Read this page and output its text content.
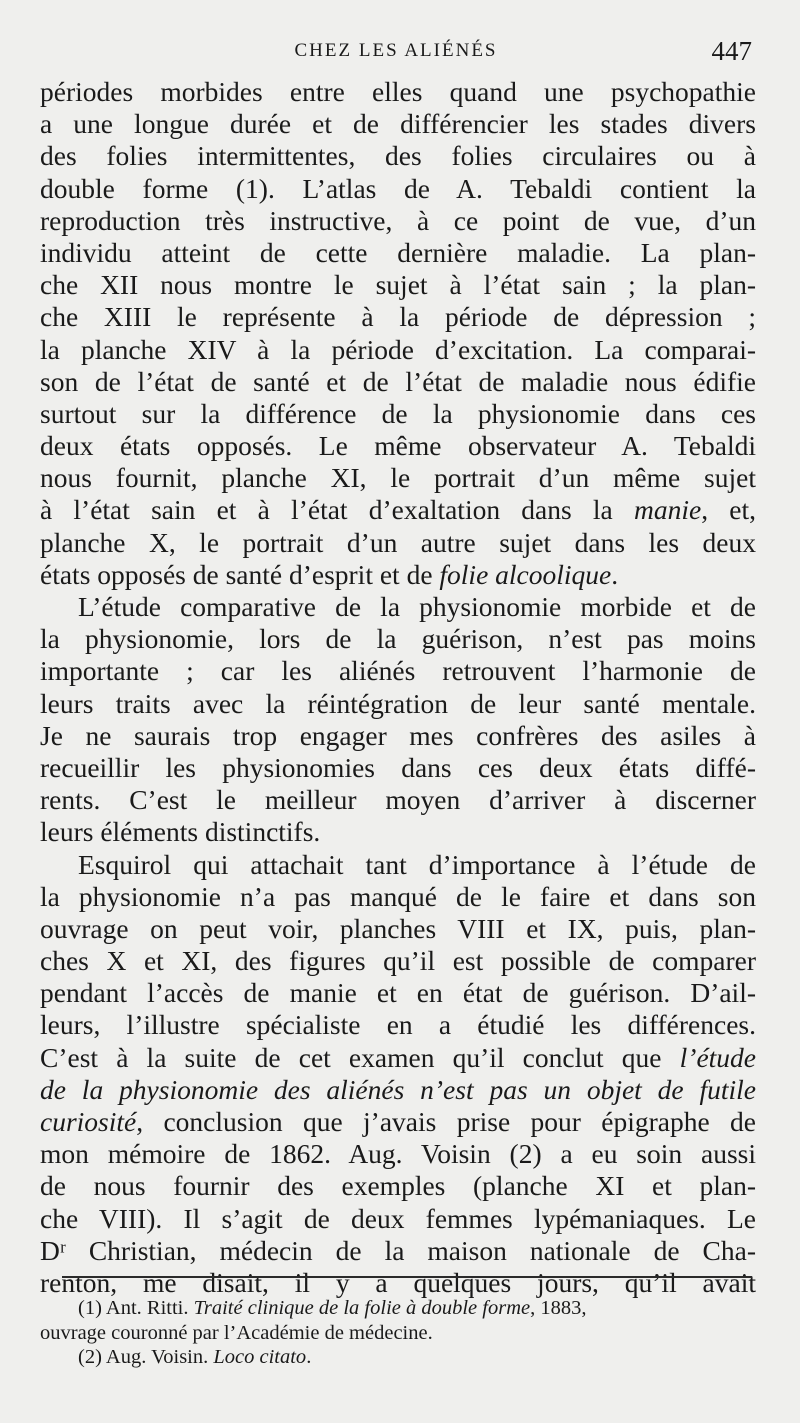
CHEZ LES ALIÉNÉS	447
périodes morbides entre elles quand une psychopathie
a une longue durée et de différencier les stades divers
des folies intermittentes, des folies circulaires ou à
double forme (1). L’atlas de A. Tebaldi contient la
reproduction très instructive, à ce point de vue, d’un
individu atteint de cette dernière maladie. La plan-
che XII nous montre le sujet à l’état sain ; la plan-
che XIII le représente à la période de dépression ;
la planche XIV à la période d’excitation. La comparai-
son de l’état de santé et de l’état de maladie nous édifie
surtout sur la différence de la physionomie dans ces
deux états opposés. Le même observateur A. Tebaldi
nous fournit, planche XI, le portrait d’un même sujet
à l’état sain et à l’état d’exaltation dans la manie, et,
planche X, le portrait d’un autre sujet dans les deux
états opposés de santé d’esprit et de folie alcoolique.
L’étude comparative de la physionomie morbide et de
la physionomie, lors de la guérison, n’est pas moins
importante ; car les aliénés retrouvent l’harmonie de
leurs traits avec la réintégration de leur santé mentale.
Je ne saurais trop engager mes confrères des asiles à
recueillir les physionomies dans ces deux états diffé-
rents. C’est le meilleur moyen d’arriver à discerner
leurs éléments distinctifs.
Esquirol qui attachait tant d’importance à l’étude de
la physionomie n’a pas manqué de le faire et dans son
ouvrage on peut voir, planches VIII et IX, puis, plan-
ches X et XI, des figures qu’il est possible de comparer
pendant l’accès de manie et en état de guérison. D’ail-
leurs, l’illustre spécialiste en a étudié les différences.
C’est à la suite de cet examen qu’il conclut que l’étude
de la physionomie des aliénés n’est pas un objet de futile
curiosité, conclusion que j’avais prise pour épigraphe de
mon mémoire de 1862. Aug. Voisin (2) a eu soin aussi
de nous fournir des exemples (planche XI et plan-
che VIII). Il s’agit de deux femmes lypémaniaques. Le
Dʳ Christian, médecin de la maison nationale de Cha-
renton, me disait, il y a quelques jours, qu’il avait
(1) Ant. Ritti. Traité clinique de la folie à double forme, 1883,
ouvrage couronné par l’Académie de médecine.
(2) Aug. Voisin. Loco citato.
